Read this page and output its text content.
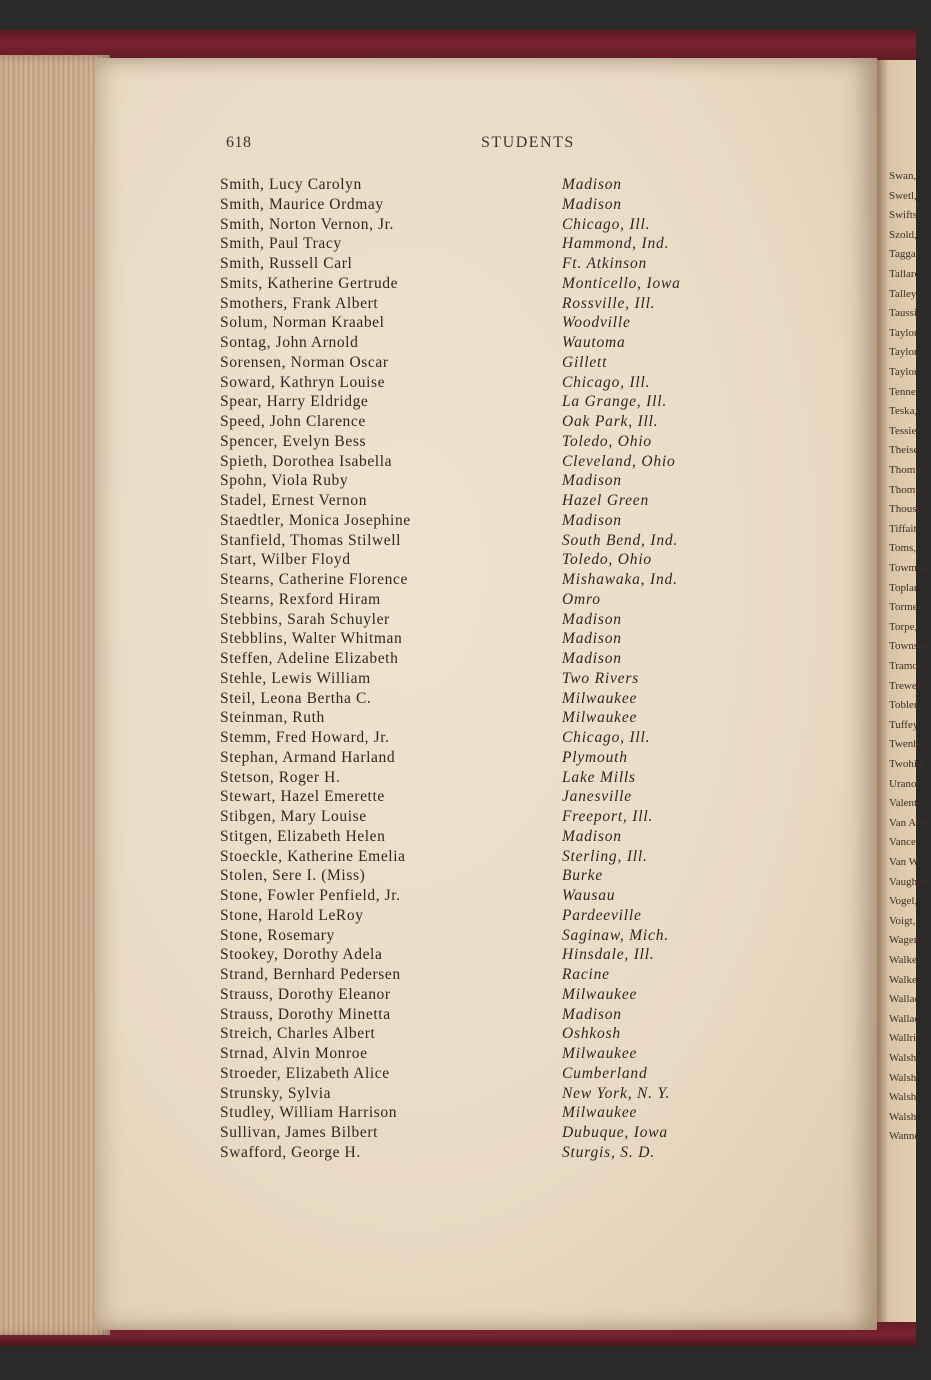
Swan,
Swetl,
Swifts
Szold,
Taggart
Tallard
Talley,
Taussig,
Taylor,
Taylor,
Taylor,
Tenney,
Teska,
Tessier,
Theisen,
Thompso
Thompso
Thousan
Tiffait,
Toms,
Towman,
Toplan,
Tormey,
Torpe,
Townsen
Tramont
Treweek,
Tobler,
Tuffey,
Twenhof
Twohig,
Uranon,
Valentin
Van Alte
Vance,
Van Wa
Vaughan,
Vogel,
Voigt,
Wagenkn
Walker,
Walker,
Wallace,
Wallace,
Wallrich,
Walsh,
Walsh,
Walsh,
Walsh,
Wanner,
618	STUDENTS
Smith, Lucy Carolyn	Madison
Smith, Maurice Ordmay	Madison
Smith, Norton Vernon, Jr.	Chicago, Ill.
Smith, Paul Tracy	Hammond, Ind.
Smith, Russell Carl	Ft. Atkinson
Smits, Katherine Gertrude	Monticello, Iowa
Smothers, Frank Albert	Rossville, Ill.
Solum, Norman Kraabel	Woodville
Sontag, John Arnold	Wautoma
Sorensen, Norman Oscar	Gillett
Soward, Kathryn Louise	Chicago, Ill.
Spear, Harry Eldridge	La Grange, Ill.
Speed, John Clarence	Oak Park, Ill.
Spencer, Evelyn Bess	Toledo, Ohio
Spieth, Dorothea Isabella	Cleveland, Ohio
Spohn, Viola Ruby	Madison
Stadel, Ernest Vernon	Hazel Green
Staedtler, Monica Josephine	Madison
Stanfield, Thomas Stilwell	South Bend, Ind.
Start, Wilber Floyd	Toledo, Ohio
Stearns, Catherine Florence	Mishawaka, Ind.
Stearns, Rexford Hiram	Omro
Stebbins, Sarah Schuyler	Madison
Stebblins, Walter Whitman	Madison
Steffen, Adeline Elizabeth	Madison
Stehle, Lewis William	Two Rivers
Steil, Leona Bertha C.	Milwaukee
Steinman, Ruth	Milwaukee
Stemm, Fred Howard, Jr.	Chicago, Ill.
Stephan, Armand Harland	Plymouth
Stetson, Roger H.	Lake Mills
Stewart, Hazel Emerette	Janesville
Stibgen, Mary Louise	Freeport, Ill.
Stitgen, Elizabeth Helen	Madison
Stoeckle, Katherine Emelia	Sterling, Ill.
Stolen, Sere I. (Miss)	Burke
Stone, Fowler Penfield, Jr.	Wausau
Stone, Harold LeRoy	Pardeeville
Stone, Rosemary	Saginaw, Mich.
Stookey, Dorothy Adela	Hinsdale, Ill.
Strand, Bernhard Pedersen	Racine
Strauss, Dorothy Eleanor	Milwaukee
Strauss, Dorothy Minetta	Madison
Streich, Charles Albert	Oshkosh
Strnad, Alvin Monroe	Milwaukee
Stroeder, Elizabeth Alice	Cumberland
Strunsky, Sylvia	New York, N. Y.
Studley, William Harrison	Milwaukee
Sullivan, James Bilbert	Dubuque, Iowa
Swafford, George H.	Sturgis, S. D.
